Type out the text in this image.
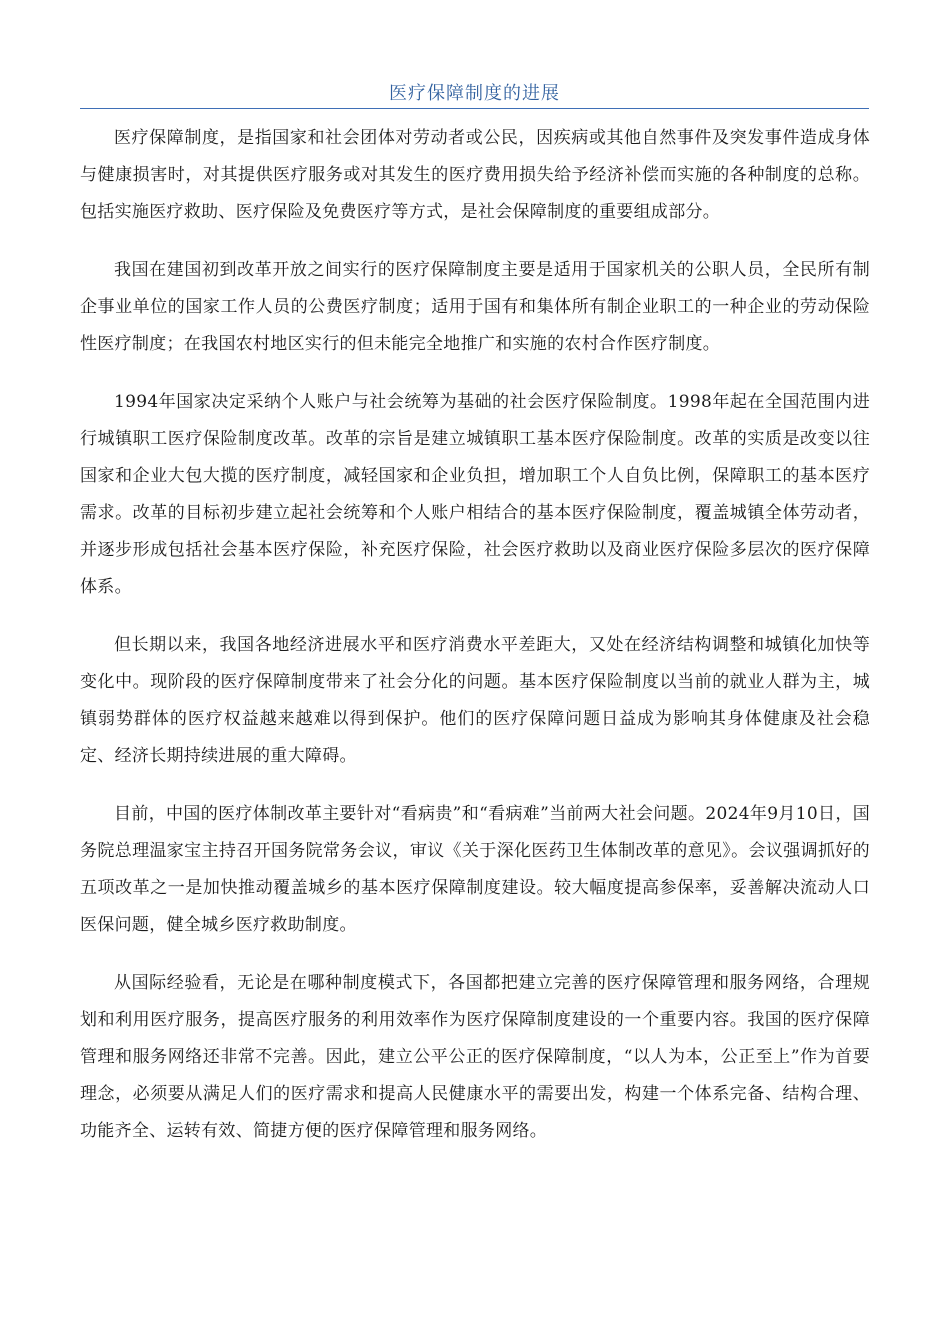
医疗保障制度的进展

医疗保障制度，是指国家和社会团体对劳动者或公民，因疾病或其他自然事件及突发事件造成身体与健康损害时，对其提供医疗服务或对其发生的医疗费用损失给予经济补偿而实施的各种制度的总称。包括实施医疗救助、医疗保险及免费医疗等方式，是社会保障制度的重要组成部分。

我国在建国初到改革开放之间实行的医疗保障制度主要是适用于国家机关的公职人员，全民所有制企事业单位的国家工作人员的公费医疗制度；适用于国有和集体所有制企业职工的一种企业的劳动保险性医疗制度；在我国农村地区实行的但未能完全地推广和实施的农村合作医疗制度。

1994年国家决定采纳个人账户与社会统筹为基础的社会医疗保险制度。1998年起在全国范围内进行城镇职工医疗保险制度改革。改革的宗旨是建立城镇职工基本医疗保险制度。改革的实质是改变以往国家和企业大包大揽的医疗制度，减轻国家和企业负担，增加职工个人自负比例，保障职工的基本医疗需求。改革的目标初步建立起社会统筹和个人账户相结合的基本医疗保险制度，覆盖城镇全体劳动者，并逐步形成包括社会基本医疗保险，补充医疗保险，社会医疗救助以及商业医疗保险多层次的医疗保障体系。

但长期以来，我国各地经济进展水平和医疗消费水平差距大，又处在经济结构调整和城镇化加快等变化中。现阶段的医疗保障制度带来了社会分化的问题。基本医疗保险制度以当前的就业人群为主，城镇弱势群体的医疗权益越来越难以得到保护。他们的医疗保障问题日益成为影响其身体健康及社会稳定、经济长期持续进展的重大障碍。

目前，中国的医疗体制改革主要针对“看病贵”和“看病难”当前两大社会问题。2024年9月10日，国务院总理温家宝主持召开国务院常务会议，审议《关于深化医药卫生体制改革的意见》。会议强调抓好的五项改革之一是加快推动覆盖城乡的基本医疗保障制度建设。较大幅度提高参保率，妥善解决流动人口医保问题，健全城乡医疗救助制度。

从国际经验看，无论是在哪种制度模式下，各国都把建立完善的医疗保障管理和服务网络，合理规划和利用医疗服务，提高医疗服务的利用效率作为医疗保障制度建设的一个重要内容。我国的医疗保障管理和服务网络还非常不完善。因此，建立公平公正的医疗保障制度，“以人为本，公正至上”作为首要理念，必须要从满足人们的医疗需求和提高人民健康水平的需要出发，构建一个体系完备、结构合理、功能齐全、运转有效、简捷方便的医疗保障管理和服务网络。
